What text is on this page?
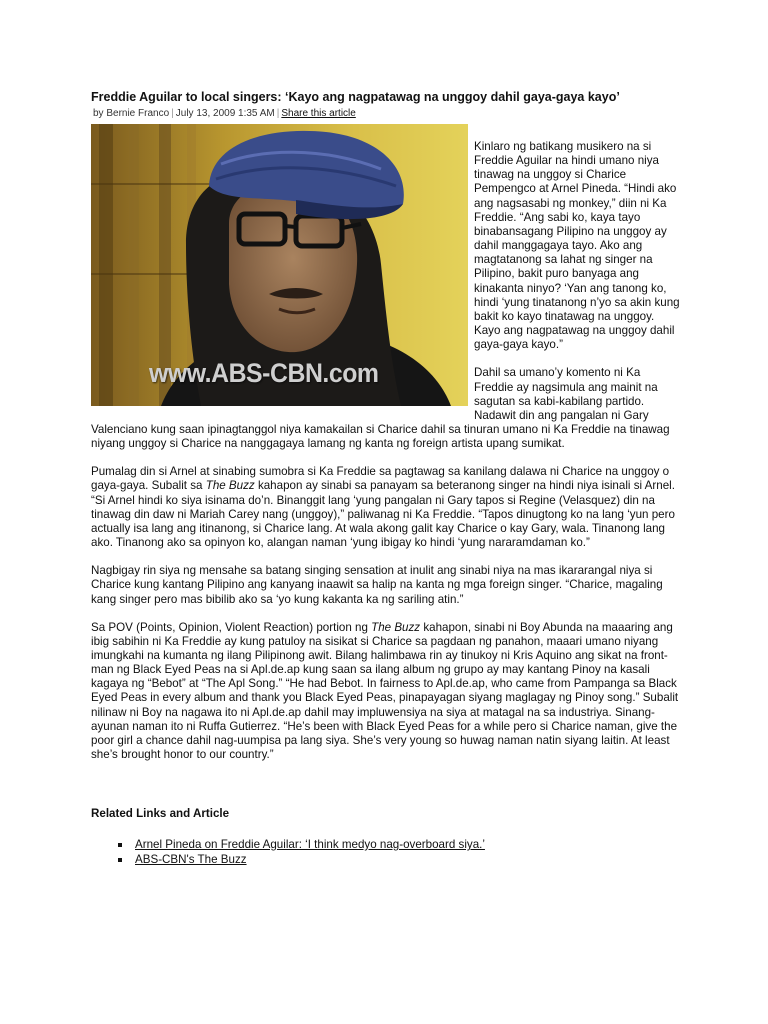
Freddie Aguilar to local singers: ‘Kayo ang nagpatawag na unggoy dahil gaya-gaya kayo’
by Bernie Franco | July 13, 2009 1:35 AM | Share this article
www.ABS-CBN.com

Kinlaro ng batikang musikero na si Freddie Aguilar na hindi umano niya tinawag na unggoy si Charice Pempengco at Arnel Pineda. “Hindi ako ang nagsasabi ng monkey,” diin ni Ka Freddie. “Ang sabi ko, kaya tayo binabansagang Pilipino na unggoy ay dahil manggagaya tayo. Ako ang magtatanong sa lahat ng singer na Pilipino, bakit puro banyaga ang kinakanta ninyo? ‘Yan ang tanong ko, hindi ‘yung tinatanong n’yo sa akin kung bakit ko kayo tinatawag na unggoy. Kayo ang nagpatawag na unggoy dahil gaya-gaya kayo.”

Dahil sa umano’y komento ni Ka Freddie ay nagsimula ang mainit na sagutan sa kabi-kabilang partido. Nadawit din ang pangalan ni Gary Valenciano kung saan ipinagtanggol niya kamakailan si Charice dahil sa tinuran umano ni Ka Freddie na tinawag niyang unggoy si Charice na nanggagaya lamang ng kanta ng foreign artista upang sumikat.

Pumalag din si Arnel at sinabing sumobra si Ka Freddie sa pagtawag sa kanilang dalawa ni Charice na unggoy o gaya-gaya. Subalit sa The Buzz kahapon ay sinabi sa panayam sa beteranong singer na hindi niya isinali si Arnel. “Si Arnel hindi ko siya isinama do’n. Binanggit lang ‘yung pangalan ni Gary tapos si Regine (Velasquez) din na tinawag din daw ni Mariah Carey nang (unggoy),” paliwanag ni Ka Freddie. “Tapos dinugtong ko na lang ‘yun pero actually isa lang ang itinanong, si Charice lang. At wala akong galit kay Charice o kay Gary, wala. Tinanong lang ako. Tinanong ako sa opinyon ko, alangan naman ‘yung ibigay ko hindi ‘yung nararamdaman ko.”

Nagbigay rin siya ng mensahe sa batang singing sensation at inulit ang sinabi niya na mas ikararangal niya si Charice kung kantang Pilipino ang kanyang inaawit sa halip na kanta ng mga foreign singer. “Charice, magaling kang singer pero mas bibilib ako sa ‘yo kung kakanta ka ng sariling atin.”

Sa POV (Points, Opinion, Violent Reaction) portion ng The Buzz kahapon, sinabi ni Boy Abunda na maaaring ang ibig sabihin ni Ka Freddie ay kung patuloy na sisikat si Charice sa pagdaan ng panahon, maaari umano niyang imungkahi na kumanta ng ilang Pilipinong awit. Bilang halimbawa rin ay tinukoy ni Kris Aquino ang sikat na front-man ng Black Eyed Peas na si Apl.de.ap kung saan sa ilang album ng grupo ay may kantang Pinoy na kasali kagaya ng “Bebot” at “The Apl Song.” “He had Bebot. In fairness to Apl.de.ap, who came from Pampanga sa Black Eyed Peas in every album and thank you Black Eyed Peas, pinapayagan siyang maglagay ng Pinoy song.” Subalit nilinaw ni Boy na nagawa ito ni Apl.de.ap dahil may impluwensiya na siya at matagal na sa industriya. Sinang-ayunan naman ito ni Ruffa Gutierrez. “He’s been with Black Eyed Peas for a while pero si Charice naman, give the poor girl a chance dahil nag-uumpisa pa lang siya. She’s very young so huwag naman natin siyang laitin. At least she’s brought honor to our country.”

Related Links and Article
Arnel Pineda on Freddie Aguilar: ‘I think medyo nag-overboard siya.’
ABS-CBN's The Buzz
